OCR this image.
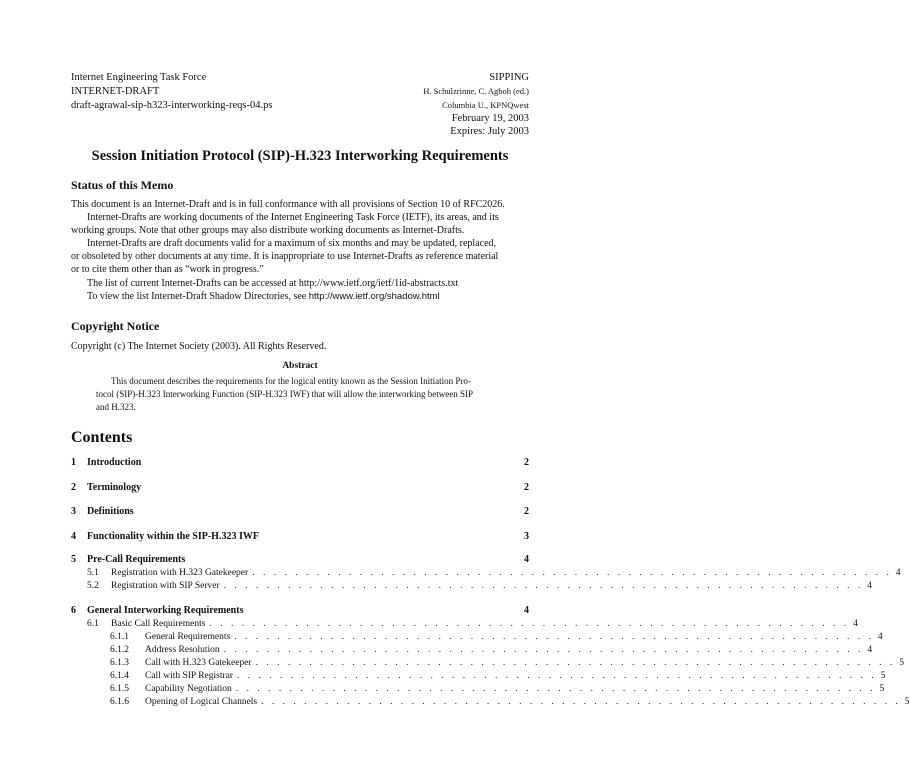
Internet Engineering Task Force
INTERNET-DRAFT
draft-agrawal-sip-h323-interworking-reqs-04.ps
SIPPING
H. Schulzrinne, C. Agboh (ed.)
Columbia U., KPNQwest
February 19, 2003
Expires: July 2003
Session Initiation Protocol (SIP)-H.323 Interworking Requirements
Status of this Memo
This document is an Internet-Draft and is in full conformance with all provisions of Section 10 of RFC2026.
Internet-Drafts are working documents of the Internet Engineering Task Force (IETF), its areas, and its
working groups. Note that other groups may also distribute working documents as Internet-Drafts.
Internet-Drafts are draft documents valid for a maximum of six months and may be updated, replaced,
or obsoleted by other documents at any time. It is inappropriate to use Internet-Drafts as reference material
or to cite them other than as “work in progress.”
The list of current Internet-Drafts can be accessed at http://www.ietf.org/ietf/1id-abstracts.txt
To view the list Internet-Draft Shadow Directories, see http://www.ietf.org/shadow.html
Copyright Notice
Copyright (c) The Internet Society (2003). All Rights Reserved.
Abstract
This document describes the requirements for the logical entity known as the Session Initiation Pro-
tocol (SIP)-H.323 Interworking Function (SIP-H.323 IWF) that will allow the interworking between SIP
and H.323.
Contents
1	Introduction	2
2	Terminology	2
3	Definitions	2
4	Functionality within the SIP-H.323 IWF	3
5	Pre-Call Requirements	4
5.1	Registration with H.323 Gatekeeper . . . . . . . . . . . . . . . . . . . . . . . . . . . . . . . . . . . . . . . . . . . . . . . . . . . . . . . . . . . . 4
5.2	Registration with SIP Server . . . . . . . . . . . . . . . . . . . . . . . . . . . . . . . . . . . . . . . . . . . . . . . . . . . . . . . . . . . . 4
6	General Interworking Requirements	4
6.1	Basic Call Requirements . . . . . . . . . . . . . . . . . . . . . . . . . . . . . . . . . . . . . . . . . . . . . . . . . . . . . . . . . . . . 4
6.1.1	General Requirements . . . . . . . . . . . . . . . . . . . . . . . . . . . . . . . . . . . . . . . . . . . . . . . . . . . . . . . . . . . . 4
6.1.2	Address Resolution . . . . . . . . . . . . . . . . . . . . . . . . . . . . . . . . . . . . . . . . . . . . . . . . . . . . . . . . . . . . 4
6.1.3	Call with H.323 Gatekeeper . . . . . . . . . . . . . . . . . . . . . . . . . . . . . . . . . . . . . . . . . . . . . . . . . . . . . . . . . . . . 5
6.1.4	Call with SIP Registrar . . . . . . . . . . . . . . . . . . . . . . . . . . . . . . . . . . . . . . . . . . . . . . . . . . . . . . . . . . . . 5
6.1.5	Capability Negotiation . . . . . . . . . . . . . . . . . . . . . . . . . . . . . . . . . . . . . . . . . . . . . . . . . . . . . . . . . . . . 5
6.1.6	Opening of Logical Channels . . . . . . . . . . . . . . . . . . . . . . . . . . . . . . . . . . . . . . . . . . . . . . . . . . . . . . . . . . . . 5
